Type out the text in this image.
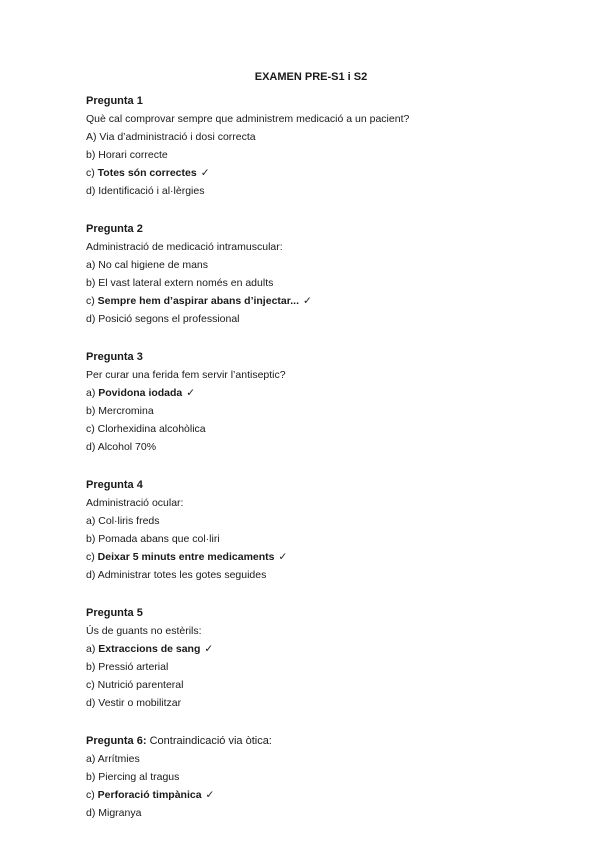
EXAMEN PRE-S1 i S2
Pregunta 1
Què cal comprovar sempre que administrem medicació a un pacient?
A) Via d’administració i dosi correcta
b) Horari correcte
c) Totes són correctes ✓
d) Identificació i al·lèrgies
Pregunta 2
Administració de medicació intramuscular:
a) No cal higiene de mans
b) El vast lateral extern només en adults
c) Sempre hem d’aspirar abans d’injectar... ✓
d) Posició segons el professional
Pregunta 3
Per curar una ferida fem servir l’antiseptic?
a) Povidona iodada ✓
b) Mercromina
c) Clorhexidina alcohòlica
d) Alcohol 70%
Pregunta 4
Administració ocular:
a) Col·liris freds
b) Pomada abans que col·liri
c) Deixar 5 minuts entre medicaments ✓
d) Administrar totes les gotes seguides
Pregunta 5
Ús de guants no estèrils:
a) Extraccions de sang ✓
b) Pressió arterial
c) Nutrició parenteral
d) Vestir o mobilitzar
Pregunta 6: Contraindicació via òtica:
a) Arrítmies
b) Piercing al tragus
c) Perforació timpànica ✓
d) Migranya
